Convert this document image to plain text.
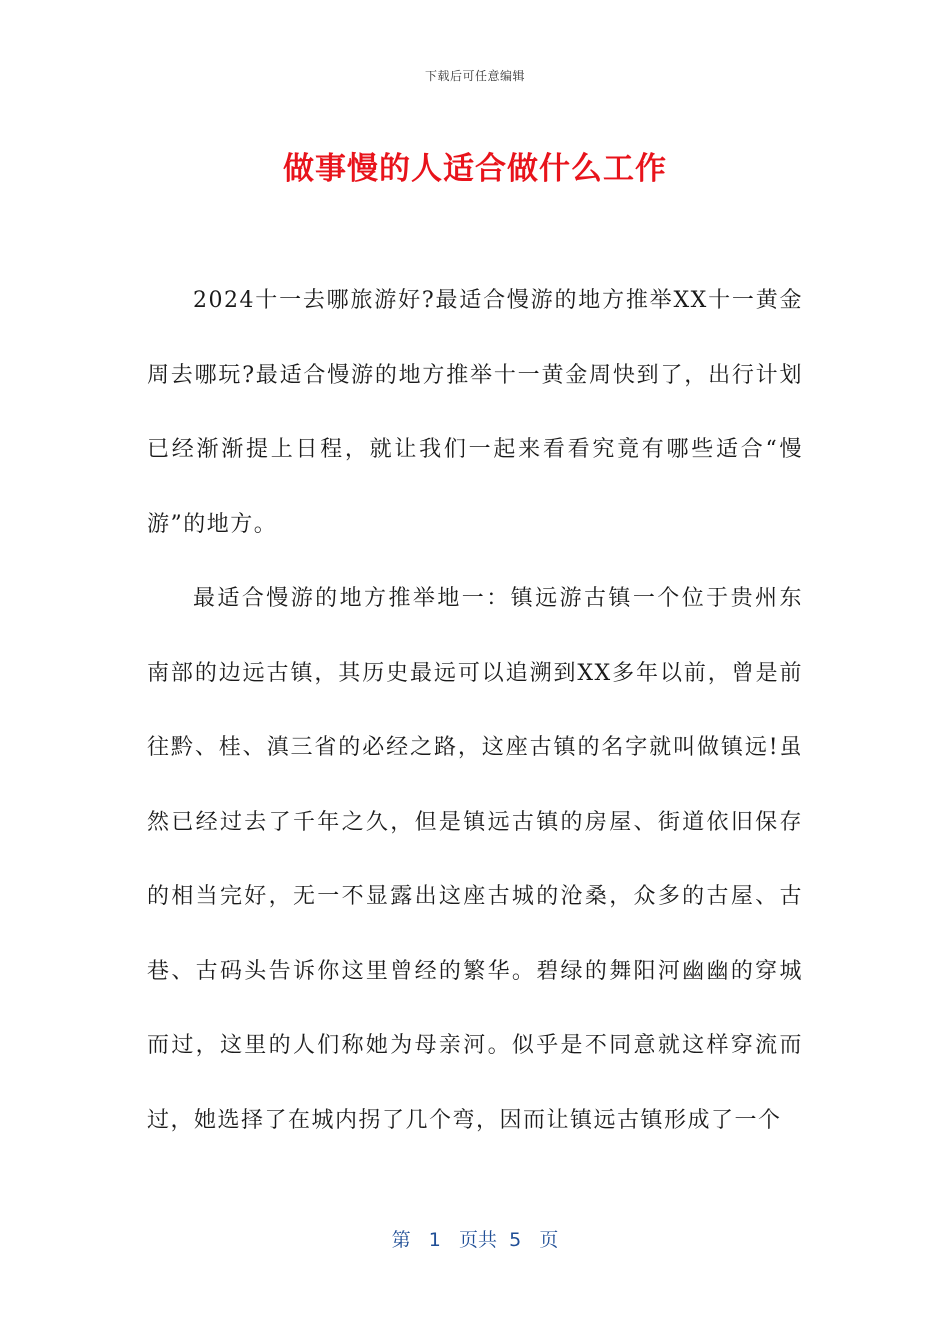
下载后可任意编辑
做事慢的人适合做什么工作

2024十一去哪旅游好?最适合慢游的地方推举XX十一黄金周去哪玩?最适合慢游的地方推举十一黄金周快到了，出行计划已经渐渐提上日程，就让我们一起来看看究竟有哪些适合“慢游”的地方。

最适合慢游的地方推举地一：镇远游古镇一个位于贵州东南部的边远古镇，其历史最远可以追溯到XX多年以前，曾是前往黔、桂、滇三省的必经之路，这座古镇的名字就叫做镇远!虽然已经过去了千年之久，但是镇远古镇的房屋、街道依旧保存的相当完好，无一不显露出这座古城的沧桑，众多的古屋、古巷、古码头告诉你这里曾经的繁华。碧绿的舞阳河幽幽的穿城而过，这里的人们称她为母亲河。似乎是不同意就这样穿流而过，她选择了在城内拐了几个弯，因而让镇远古镇形成了一个

第 1 页共 5 页
